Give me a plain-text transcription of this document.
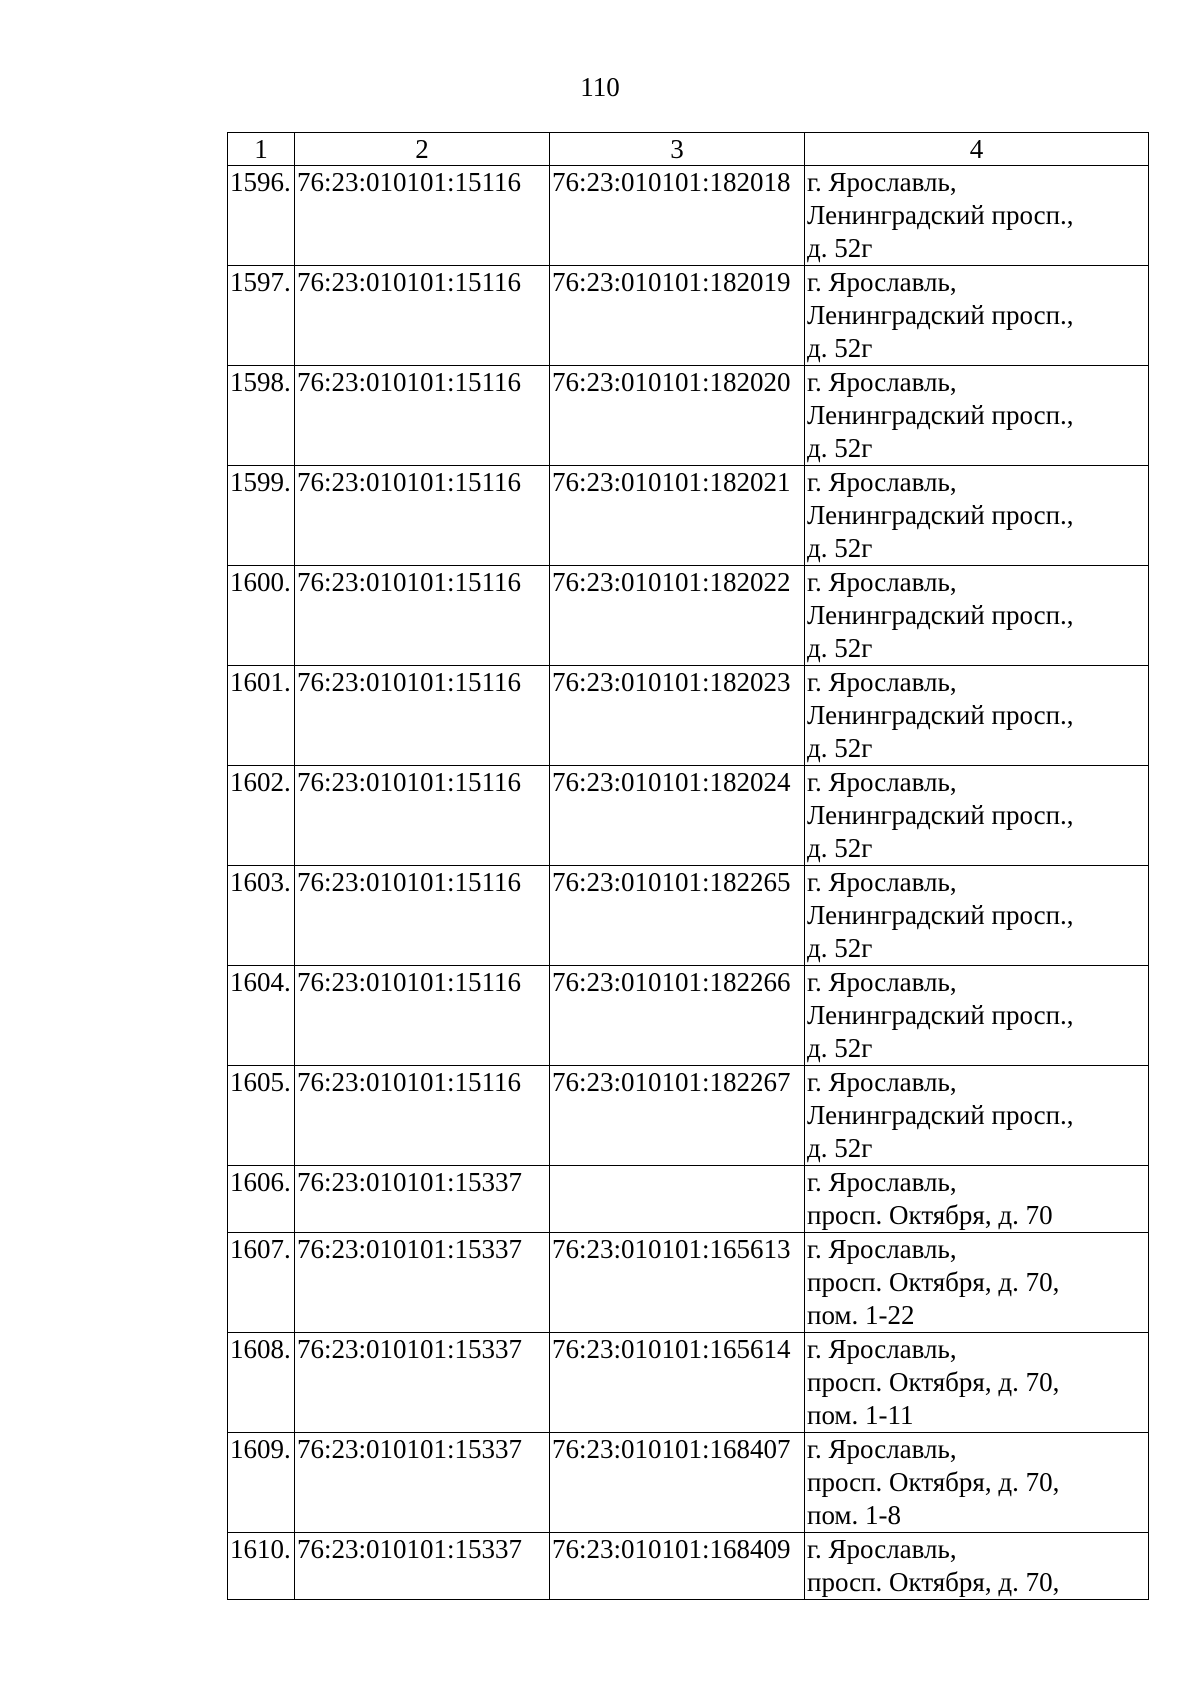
110
1	2	3	4
1596.	76:23:010101:15116	76:23:010101:182018	г. Ярославль,
Ленинградский просп.,
д. 52г

1597.	76:23:010101:15116	76:23:010101:182019	г. Ярославль,
Ленинградский просп.,
д. 52г

1598.	76:23:010101:15116	76:23:010101:182020	г. Ярославль,
Ленинградский просп.,
д. 52г

1599.	76:23:010101:15116	76:23:010101:182021	г. Ярославль,
Ленинградский просп.,
д. 52г

1600.	76:23:010101:15116	76:23:010101:182022	г. Ярославль,
Ленинградский просп.,
д. 52г

1601.	76:23:010101:15116	76:23:010101:182023	г. Ярославль,
Ленинградский просп.,
д. 52г

1602.	76:23:010101:15116	76:23:010101:182024	г. Ярославль,
Ленинградский просп.,
д. 52г

1603.	76:23:010101:15116	76:23:010101:182265	г. Ярославль,
Ленинградский просп.,
д. 52г

1604.	76:23:010101:15116	76:23:010101:182266	г. Ярославль,
Ленинградский просп.,
д. 52г

1605.	76:23:010101:15116	76:23:010101:182267	г. Ярославль,
Ленинградский просп.,
д. 52г

1606.	76:23:010101:15337		г. Ярославль,
просп. Октября, д. 70

1607.	76:23:010101:15337	76:23:010101:165613	г. Ярославль,
просп. Октября, д. 70,
пом. 1-22

1608.	76:23:010101:15337	76:23:010101:165614	г. Ярославль,
просп. Октября, д. 70,
пом. 1-11

1609.	76:23:010101:15337	76:23:010101:168407	г. Ярославль,
просп. Октября, д. 70,
пом. 1-8

1610.	76:23:010101:15337	76:23:010101:168409	г. Ярославль,
просп. Октября, д. 70,
